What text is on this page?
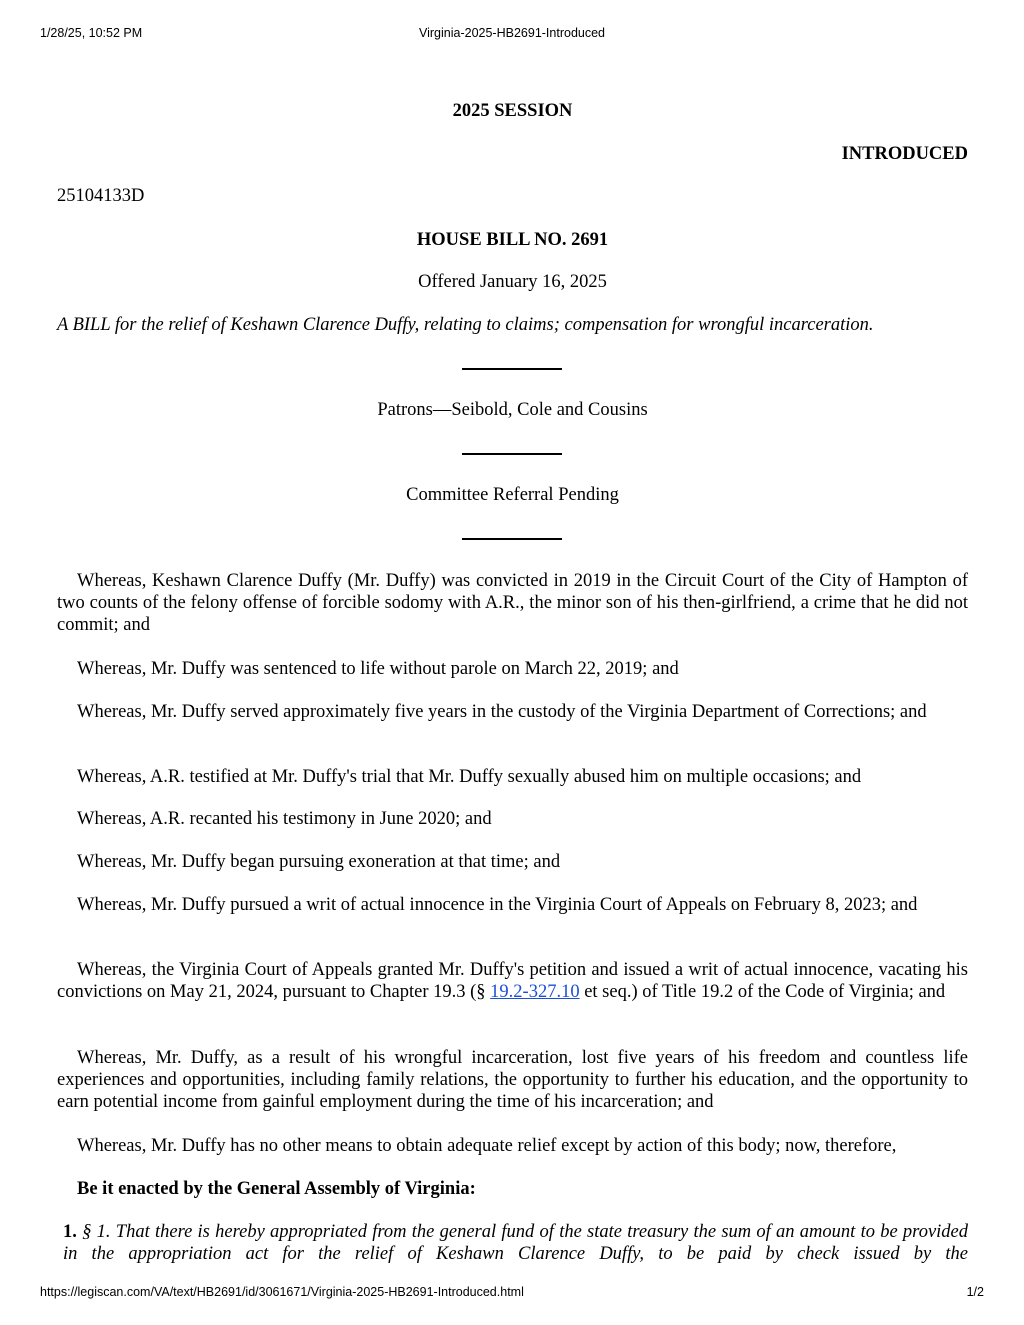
1/28/25, 10:52 PM	Virginia-2025-HB2691-Introduced
2025 SESSION
INTRODUCED
25104133D
HOUSE BILL NO. 2691
Offered January 16, 2025
A BILL for the relief of Keshawn Clarence Duffy, relating to claims; compensation for wrongful incarceration.
Patrons—Seibold, Cole and Cousins
Committee Referral Pending

Whereas, Keshawn Clarence Duffy (Mr. Duffy) was convicted in 2019 in the Circuit Court of the City of Hampton of two counts of the felony offense of forcible sodomy with A.R., the minor son of his then-girlfriend, a crime that he did not commit; and

Whereas, Mr. Duffy was sentenced to life without parole on March 22, 2019; and

Whereas, Mr. Duffy served approximately five years in the custody of the Virginia Department of Corrections; and

Whereas, A.R. testified at Mr. Duffy's trial that Mr. Duffy sexually abused him on multiple occasions; and

Whereas, A.R. recanted his testimony in June 2020; and

Whereas, Mr. Duffy began pursuing exoneration at that time; and

Whereas, Mr. Duffy pursued a writ of actual innocence in the Virginia Court of Appeals on February 8, 2023; and

Whereas, the Virginia Court of Appeals granted Mr. Duffy's petition and issued a writ of actual innocence, vacating his convictions on May 21, 2024, pursuant to Chapter 19.3 (§ 19.2-327.10 et seq.) of Title 19.2 of the Code of Virginia; and

Whereas, Mr. Duffy, as a result of his wrongful incarceration, lost five years of his freedom and countless life experiences and opportunities, including family relations, the opportunity to further his education, and the opportunity to earn potential income from gainful employment during the time of his incarceration; and

Whereas, Mr. Duffy has no other means to obtain adequate relief except by action of this body; now, therefore,

Be it enacted by the General Assembly of Virginia:
1. § 1. That there is hereby appropriated from the general fund of the state treasury the sum of an amount to be provided in the appropriation act for the relief of Keshawn Clarence Duffy, to be paid by check issued by the
https://legiscan.com/VA/text/HB2691/id/3061671/Virginia-2025-HB2691-Introduced.html	1/2
